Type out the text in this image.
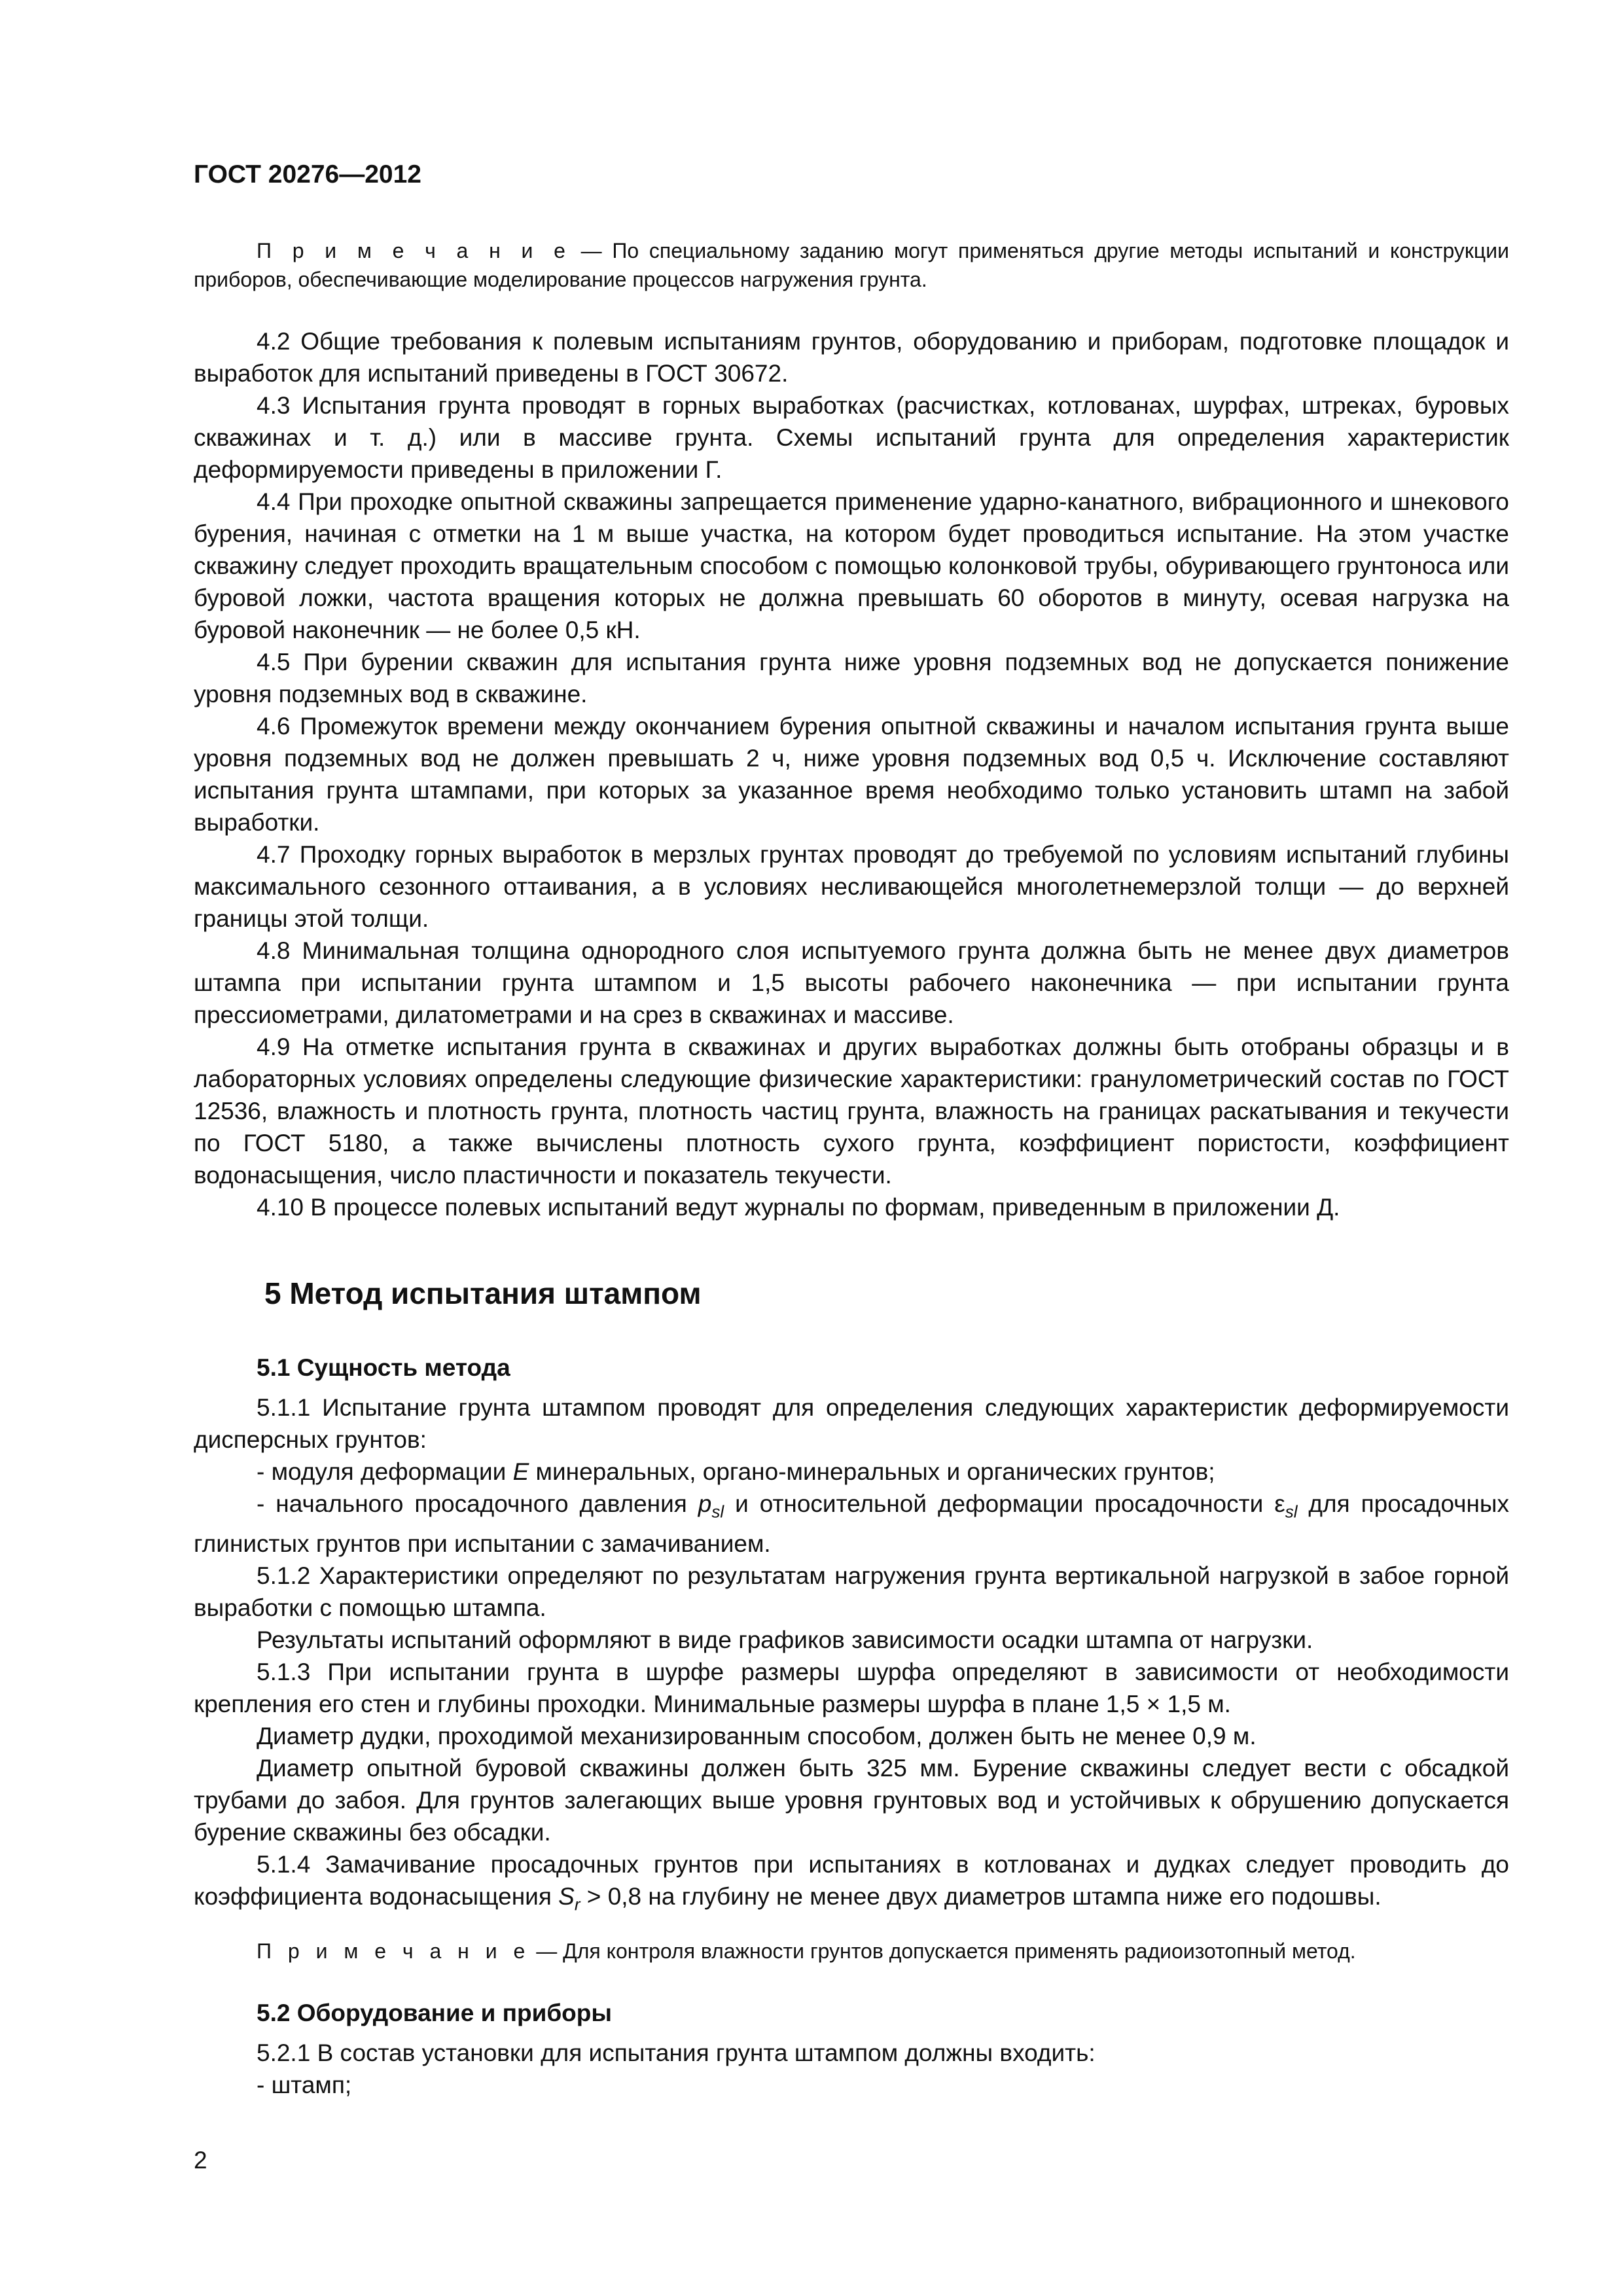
ГОСТ 20276—2012

П р и м е ч а н и е — По специальному заданию могут применяться другие методы испытаний и конструкции приборов, обеспечивающие моделирование процессов нагружения грунта.

4.2 Общие требования к полевым испытаниям грунтов, оборудованию и приборам, подготовке площадок и выработок для испытаний приведены в ГОСТ 30672.

4.3 Испытания грунта проводят в горных выработках (расчистках, котлованах, шурфах, штреках, буровых скважинах и т. д.) или в массиве грунта. Схемы испытаний грунта для определения характеристик деформируемости приведены в приложении Г.

4.4 При проходке опытной скважины запрещается применение ударно-канатного, вибрационного и шнекового бурения, начиная с отметки на 1 м выше участка, на котором будет проводиться испытание. На этом участке скважину следует проходить вращательным способом с помощью колонковой трубы, обуривающего грунтоноса или буровой ложки, частота вращения которых не должна превышать 60 оборотов в минуту, осевая нагрузка на буровой наконечник — не более 0,5 кН.

4.5 При бурении скважин для испытания грунта ниже уровня подземных вод не допускается понижение уровня подземных вод в скважине.

4.6 Промежуток времени между окончанием бурения опытной скважины и началом испытания грунта выше уровня подземных вод не должен превышать 2 ч, ниже уровня подземных вод 0,5 ч. Исключение составляют испытания грунта штампами, при которых за указанное время необходимо только установить штамп на забой выработки.

4.7 Проходку горных выработок в мерзлых грунтах проводят до требуемой по условиям испытаний глубины максимального сезонного оттаивания, а в условиях несливающейся многолетнемерзлой толщи — до верхней границы этой толщи.

4.8 Минимальная толщина однородного слоя испытуемого грунта должна быть не менее двух диаметров штампа при испытании грунта штампом и 1,5 высоты рабочего наконечника — при испытании грунта прессиометрами, дилатометрами и на срез в скважинах и массиве.

4.9 На отметке испытания грунта в скважинах и других выработках должны быть отобраны образцы и в лабораторных условиях определены следующие физические характеристики: гранулометрический состав по ГОСТ 12536, влажность и плотность грунта, плотность частиц грунта, влажность на границах раскатывания и текучести по ГОСТ 5180, а также вычислены плотность сухого грунта, коэффициент пористости, коэффициент водонасыщения, число пластичности и показатель текучести.

4.10 В процессе полевых испытаний ведут журналы по формам, приведенным в приложении Д.

5 Метод испытания штампом
5.1 Сущность метода

5.1.1 Испытание грунта штампом проводят для определения следующих характеристик деформируемости дисперсных грунтов:

- модуля деформации E минеральных, органо-минеральных и органических грунтов;

- начального просадочного давления $p_{sl}$ и относительной деформации просадочности $\varepsilon_{sl}$ для просадочных глинистых грунтов при испытании с замачиванием.

5.1.2 Характеристики определяют по результатам нагружения грунта вертикальной нагрузкой в забое горной выработки с помощью штампа.

Результаты испытаний оформляют в виде графиков зависимости осадки штампа от нагрузки.

5.1.3 При испытании грунта в шурфе размеры шурфа определяют в зависимости от необходимости крепления его стен и глубины проходки. Минимальные размеры шурфа в плане 1,5 × 1,5 м.

Диаметр дудки, проходимой механизированным способом, должен быть не менее 0,9 м.

Диаметр опытной буровой скважины должен быть 325 мм. Бурение скважины следует вести с обсадкой трубами до забоя. Для грунтов залегающих выше уровня грунтовых вод и устойчивых к обрушению допускается бурение скважины без обсадки.

5.1.4 Замачивание просадочных грунтов при испытаниях в котлованах и дудках следует проводить до коэффициента водонасыщения $S_r > 0,8$ на глубину не менее двух диаметров штампа ниже его подошвы.

П р и м е ч а н и е — Для контроля влажности грунтов допускается применять радиоизотопный метод.

5.2 Оборудование и приборы

5.2.1 В состав установки для испытания грунта штампом должны входить:

- штамп;

2
